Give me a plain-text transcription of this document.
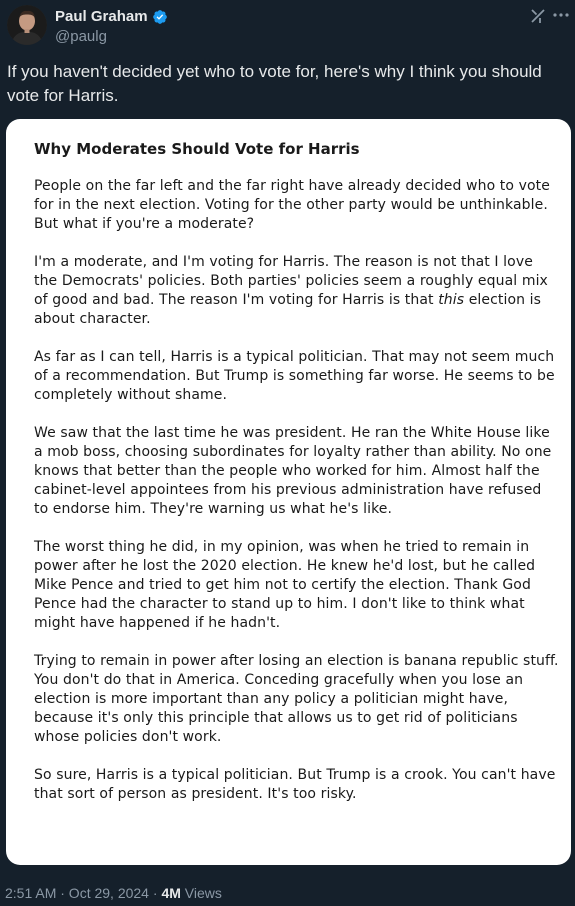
Paul Graham
@paulg

If you haven't decided yet who to vote for, here's why I think you should vote for Harris.

Why Moderates Should Vote for Harris

People on the far left and the far right have already decided who to vote for in the next election. Voting for the other party would be unthinkable. But what if you're a moderate?

I'm a moderate, and I'm voting for Harris. The reason is not that I love the Democrats' policies. Both parties' policies seem a roughly equal mix of good and bad. The reason I'm voting for Harris is that this election is about character.

As far as I can tell, Harris is a typical politician. That may not seem much of a recommendation. But Trump is something far worse. He seems to be completely without shame.

We saw that the last time he was president. He ran the White House like a mob boss, choosing subordinates for loyalty rather than ability. No one knows that better than the people who worked for him. Almost half the cabinet-level appointees from his previous administration have refused to endorse him. They're warning us what he's like.

The worst thing he did, in my opinion, was when he tried to remain in power after he lost the 2020 election. He knew he'd lost, but he called Mike Pence and tried to get him not to certify the election. Thank God Pence had the character to stand up to him. I don't like to think what might have happened if he hadn't.

Trying to remain in power after losing an election is banana republic stuff. You don't do that in America. Conceding gracefully when you lose an election is more important than any policy a politician might have, because it's only this principle that allows us to get rid of politicians whose policies don't work.

So sure, Harris is a typical politician. But Trump is a crook. You can't have that sort of person as president. It's too risky.

2:51 AM · Oct 29, 2024 · 4M Views
